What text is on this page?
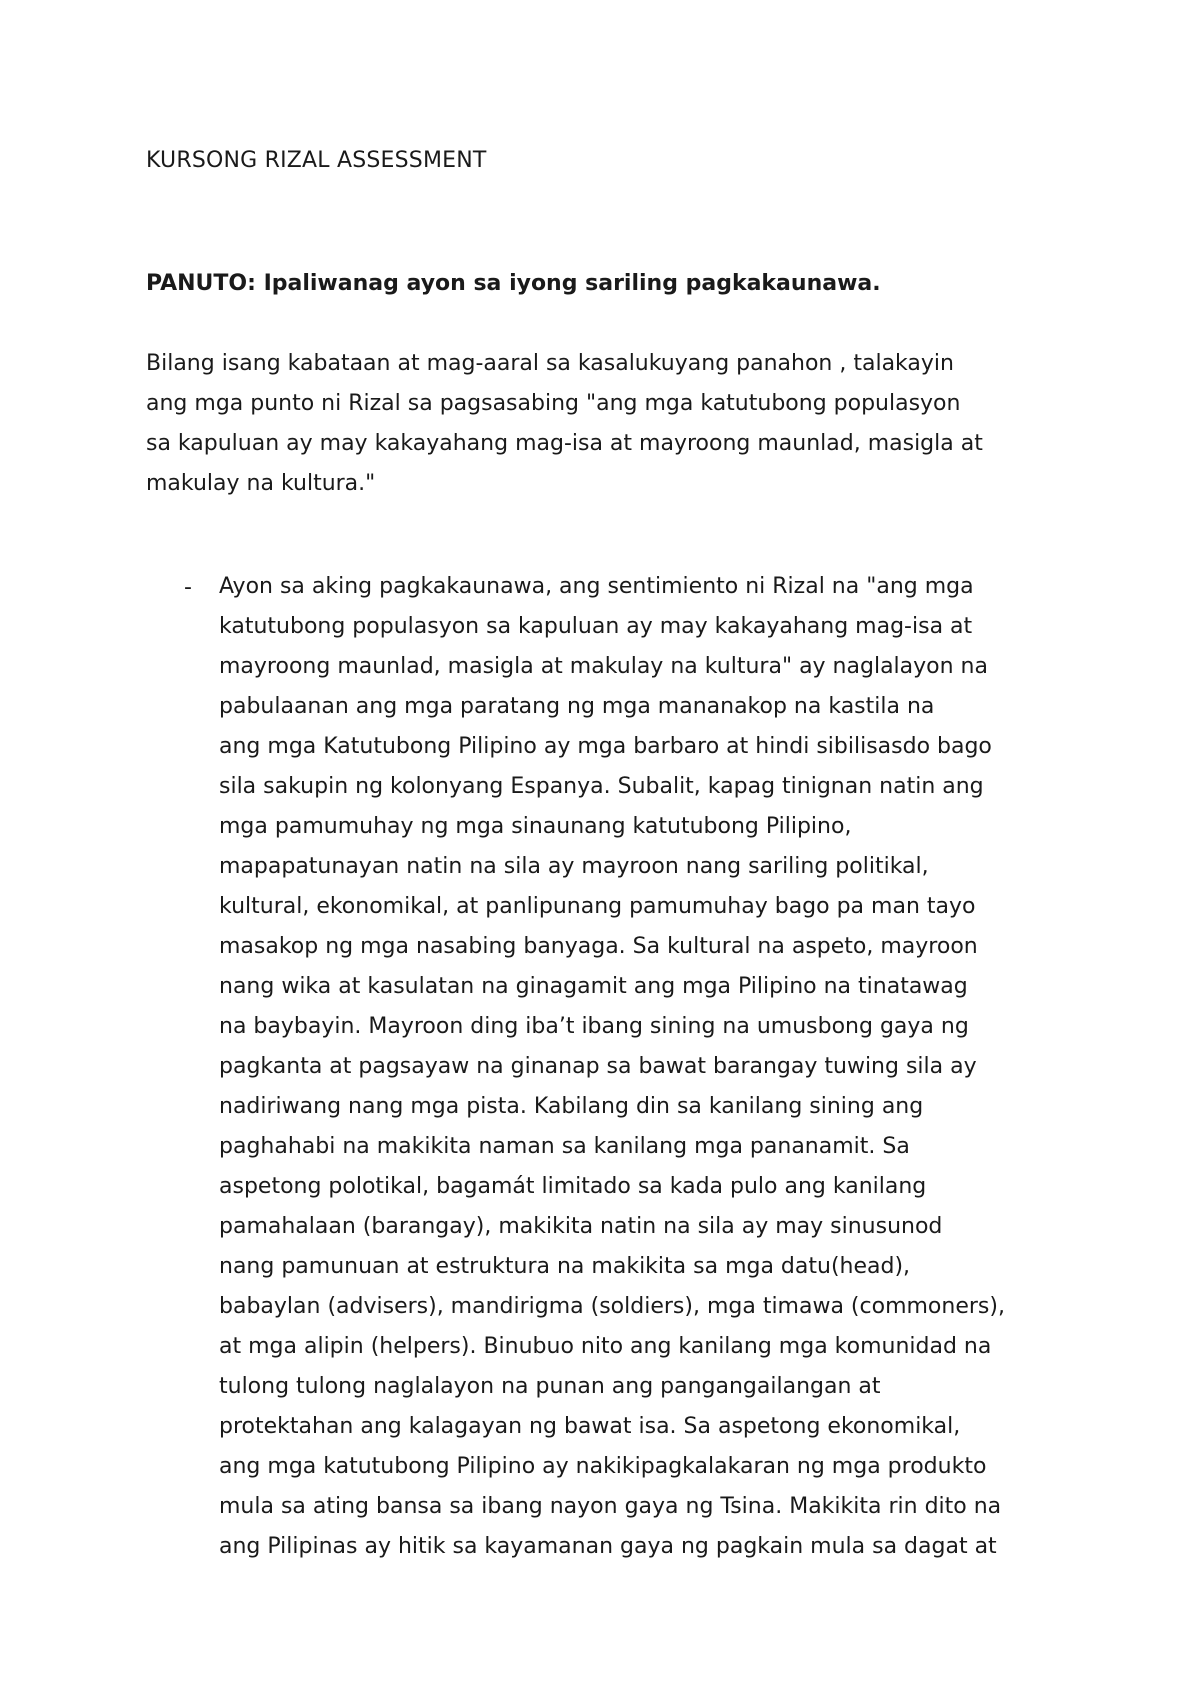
KURSONG RIZAL ASSESSMENT

PANUTO: Ipaliwanag ayon sa iyong sariling pagkakaunawa.

Bilang isang kabataan at mag-aaral sa kasalukuyang panahon , talakayin
ang mga punto ni Rizal sa pagsasabing "ang mga katutubong populasyon
sa kapuluan ay may kakayahang mag-isa at mayroong maunlad, masigla at
makulay na kultura."
- Ayon sa aking pagkakaunawa, ang sentimiento ni Rizal na "ang mga
katutubong populasyon sa kapuluan ay may kakayahang mag-isa at
mayroong maunlad, masigla at makulay na kultura" ay naglalayon na
pabulaanan ang mga paratang ng mga mananakop na kastila na
ang mga Katutubong Pilipino ay mga barbaro at hindi sibilisasdo bago
sila sakupin ng kolonyang Espanya. Subalit, kapag tinignan natin ang
mga pamumuhay ng mga sinaunang katutubong Pilipino,
mapapatunayan natin na sila ay mayroon nang sariling politikal,
kultural, ekonomikal, at panlipunang pamumuhay bago pa man tayo
masakop ng mga nasabing banyaga. Sa kultural na aspeto, mayroon
nang wika at kasulatan na ginagamit ang mga Pilipino na tinatawag
na baybayin. Mayroon ding iba’t ibang sining na umusbong gaya ng
pagkanta at pagsayaw na ginanap sa bawat barangay tuwing sila ay
nadiriwang nang mga pista. Kabilang din sa kanilang sining ang
paghahabi na makikita naman sa kanilang mga pananamit. Sa
aspetong polotikal, bagamát limitado sa kada pulo ang kanilang
pamahalaan (barangay), makikita natin na sila ay may sinusunod
nang pamunuan at estruktura na makikita sa mga datu(head),
babaylan (advisers), mandirigma (soldiers), mga timawa (commoners),
at mga alipin (helpers). Binubuo nito ang kanilang mga komunidad na
tulong tulong naglalayon na punan ang pangangailangan at
protektahan ang kalagayan ng bawat isa. Sa aspetong ekonomikal,
ang mga katutubong Pilipino ay nakikipagkalakaran ng mga produkto
mula sa ating bansa sa ibang nayon gaya ng Tsina. Makikita rin dito na
ang Pilipinas ay hitik sa kayamanan gaya ng pagkain mula sa dagat at
